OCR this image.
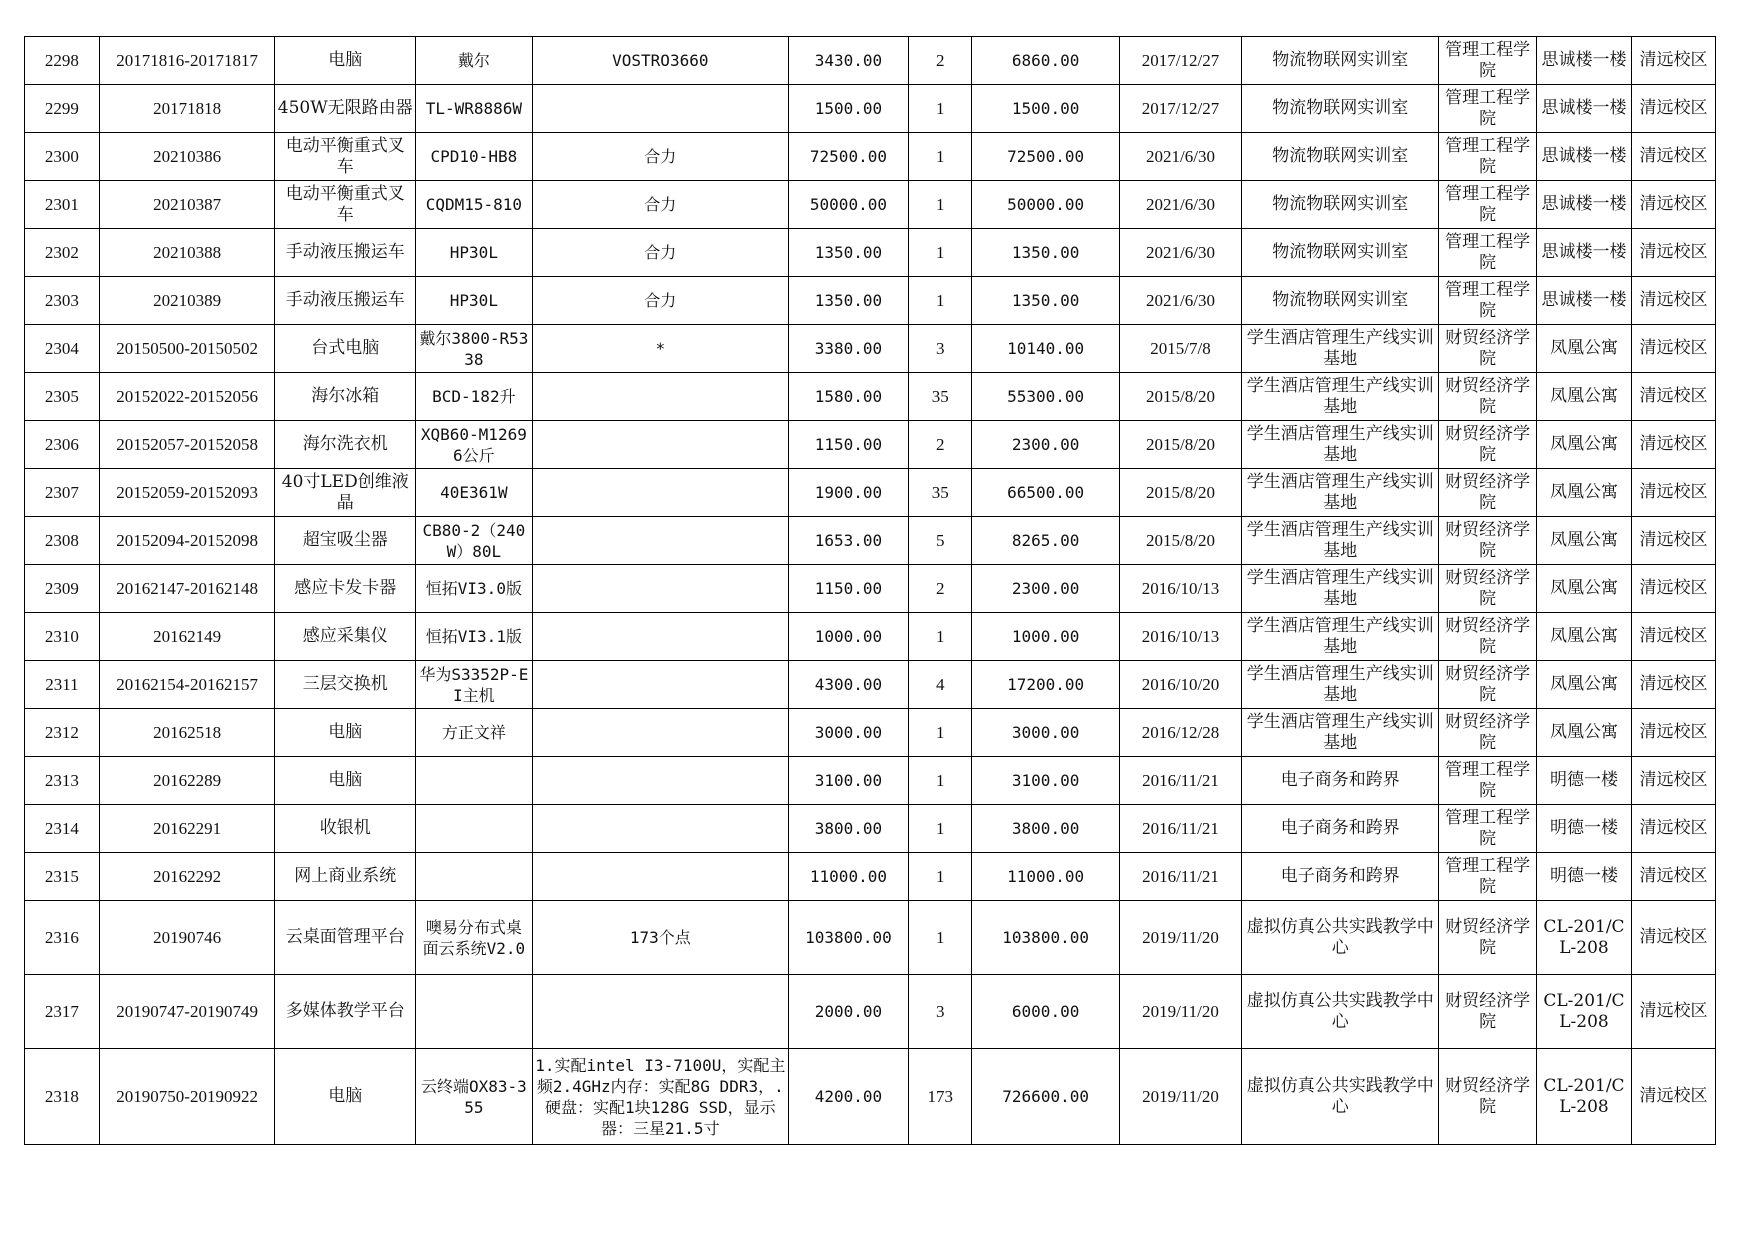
2298	20171816-20171817	电脑	戴尔	VOSTRO3660	3430.00	2	6860.00	2017/12/27	物流物联网实训室	管理工程学院	思诚楼一楼	清远校区
2299	20171818	450W无限路由器	TL-WR8886W		1500.00	1	1500.00	2017/12/27	物流物联网实训室	管理工程学院	思诚楼一楼	清远校区
2300	20210386	电动平衡重式叉车	CPD10-HB8	合力	72500.00	1	72500.00	2021/6/30	物流物联网实训室	管理工程学院	思诚楼一楼	清远校区
2301	20210387	电动平衡重式叉车	CQDM15-810	合力	50000.00	1	50000.00	2021/6/30	物流物联网实训室	管理工程学院	思诚楼一楼	清远校区
2302	20210388	手动液压搬运车	HP30L	合力	1350.00	1	1350.00	2021/6/30	物流物联网实训室	管理工程学院	思诚楼一楼	清远校区
2303	20210389	手动液压搬运车	HP30L	合力	1350.00	1	1350.00	2021/6/30	物流物联网实训室	管理工程学院	思诚楼一楼	清远校区
2304	20150500-20150502	台式电脑	戴尔3800-R5338	*	3380.00	3	10140.00	2015/7/8	学生酒店管理生产线实训基地	财贸经济学院	凤凰公寓	清远校区
2305	20152022-20152056	海尔冰箱	BCD-182升		1580.00	35	55300.00	2015/8/20	学生酒店管理生产线实训基地	财贸经济学院	凤凰公寓	清远校区
2306	20152057-20152058	海尔洗衣机	XQB60-M12696公斤		1150.00	2	2300.00	2015/8/20	学生酒店管理生产线实训基地	财贸经济学院	凤凰公寓	清远校区
2307	20152059-20152093	40寸LED创维液晶	40E361W		1900.00	35	66500.00	2015/8/20	学生酒店管理生产线实训基地	财贸经济学院	凤凰公寓	清远校区
2308	20152094-20152098	超宝吸尘器	CB80-2（240W）80L		1653.00	5	8265.00	2015/8/20	学生酒店管理生产线实训基地	财贸经济学院	凤凰公寓	清远校区
2309	20162147-20162148	感应卡发卡器	恒拓VI3.0版		1150.00	2	2300.00	2016/10/13	学生酒店管理生产线实训基地	财贸经济学院	凤凰公寓	清远校区
2310	20162149	感应采集仪	恒拓VI3.1版		1000.00	1	1000.00	2016/10/13	学生酒店管理生产线实训基地	财贸经济学院	凤凰公寓	清远校区
2311	20162154-20162157	三层交换机	华为S3352P-EI主机		4300.00	4	17200.00	2016/10/20	学生酒店管理生产线实训基地	财贸经济学院	凤凰公寓	清远校区
2312	20162518	电脑	方正文祥		3000.00	1	3000.00	2016/12/28	学生酒店管理生产线实训基地	财贸经济学院	凤凰公寓	清远校区
2313	20162289	电脑			3100.00	1	3100.00	2016/11/21	电子商务和跨界	管理工程学院	明德一楼	清远校区
2314	20162291	收银机			3800.00	1	3800.00	2016/11/21	电子商务和跨界	管理工程学院	明德一楼	清远校区
2315	20162292	网上商业系统			11000.00	1	11000.00	2016/11/21	电子商务和跨界	管理工程学院	明德一楼	清远校区
2316	20190746	云桌面管理平台	噢易分布式桌面云系统V2.0	173个点	103800.00	1	103800.00	2019/11/20	虚拟仿真公共实践教学中心	财贸经济学院	CL-201/CL-208	清远校区
2317	20190747-20190749	多媒体教学平台			2000.00	3	6000.00	2019/11/20	虚拟仿真公共实践教学中心	财贸经济学院	CL-201/CL-208	清远校区
2318	20190750-20190922	电脑	云终端OX83-355	1.实配intel I3-7100U，实配主频2.4GHz内存：实配8G DDR3，.硬盘：实配1块128G SSD，显示器：三星21.5寸	4200.00	173	726600.00	2019/11/20	虚拟仿真公共实践教学中心	财贸经济学院	CL-201/CL-208	清远校区
